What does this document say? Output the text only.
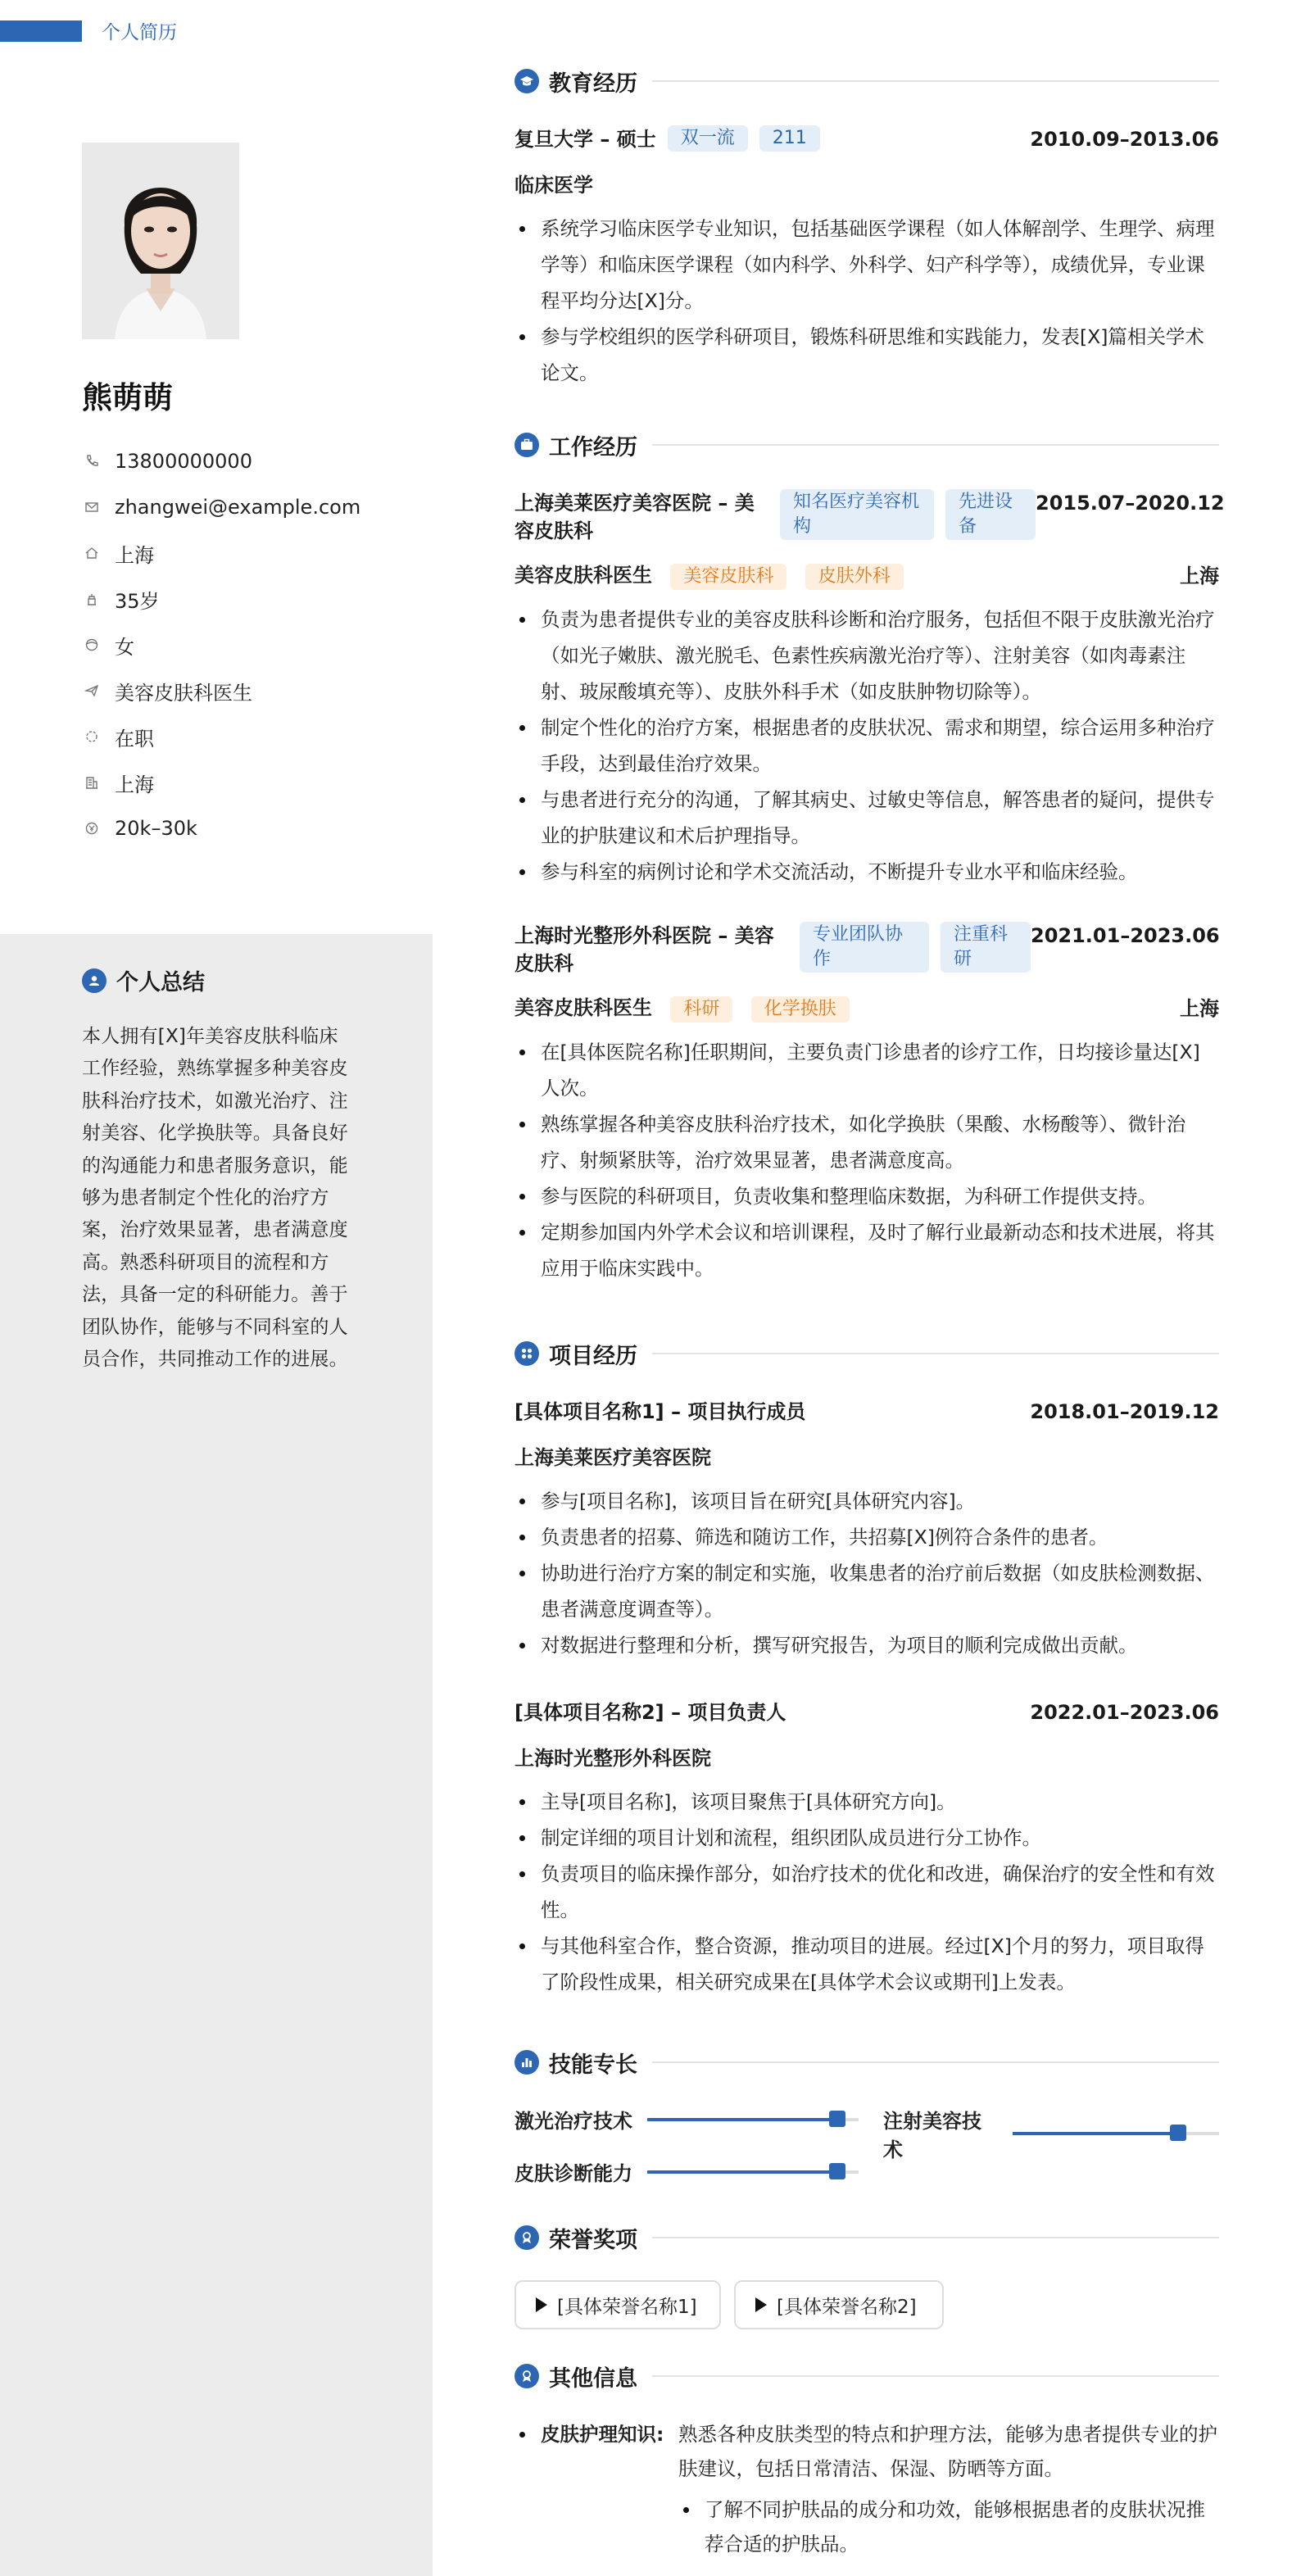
个人简历
熊萌萌
13800000000
zhangwei@example.com
上海
35岁
女
美容皮肤科医生
在职
上海
20k–30k
个人总结
本人拥有[X]年美容皮肤科临床工作经验，熟练掌握多种美容皮肤科治疗技术，如激光治疗、注射美容、化学换肤等。具备良好的沟通能力和患者服务意识，能够为患者制定个性化的治疗方案，治疗效果显著，患者满意度高。熟悉科研项目的流程和方法，具备一定的科研能力。善于团队协作，能够与不同科室的人员合作，共同推动工作的进展。
教育经历
复旦大学 – 硕士	双一流	211	2010.09–2013.06
临床医学
系统学习临床医学专业知识，包括基础医学课程（如人体解剖学、生理学、病理学等）和临床医学课程（如内科学、外科学、妇产科学等），成绩优异，专业课程平均分达[X]分。
参与学校组织的医学科研项目，锻炼科研思维和实践能力，发表[X]篇相关学术论文。
工作经历
上海美莱医疗美容医院 – 美容皮肤科
知名医疗美容机构
先进设备
2015.07–2020.12
美容皮肤科医生 美容皮肤科 皮肤外科	上海
负责为患者提供专业的美容皮肤科诊断和治疗服务，包括但不限于皮肤激光治疗（如光子嫩肤、激光脱毛、色素性疾病激光治疗等）、注射美容（如肉毒素注射、玻尿酸填充等）、皮肤外科手术（如皮肤肿物切除等）。
制定个性化的治疗方案，根据患者的皮肤状况、需求和期望，综合运用多种治疗手段，达到最佳治疗效果。
与患者进行充分的沟通，了解其病史、过敏史等信息，解答患者的疑问，提供专业的护肤建议和术后护理指导。
参与科室的病例讨论和学术交流活动，不断提升专业水平和临床经验。
上海时光整形外科医院 – 美容皮肤科
专业团队协作
注重科研
2021.01–2023.06
美容皮肤科医生 科研 化学换肤	上海
在[具体医院名称]任职期间，主要负责门诊患者的诊疗工作，日均接诊量达[X]人次。
熟练掌握各种美容皮肤科治疗技术，如化学换肤（果酸、水杨酸等）、微针治疗、射频紧肤等，治疗效果显著，患者满意度高。
参与医院的科研项目，负责收集和整理临床数据，为科研工作提供支持。
定期参加国内外学术会议和培训课程，及时了解行业最新动态和技术进展，将其应用于临床实践中。
项目经历
[具体项目名称1] – 项目执行成员	2018.01–2019.12
上海美莱医疗美容医院
参与[项目名称]，该项目旨在研究[具体研究内容]。
负责患者的招募、筛选和随访工作，共招募[X]例符合条件的患者。
协助进行治疗方案的制定和实施，收集患者的治疗前后数据（如皮肤检测数据、患者满意度调查等）。
对数据进行整理和分析，撰写研究报告，为项目的顺利完成做出贡献。
[具体项目名称2] – 项目负责人	2022.01–2023.06
上海时光整形外科医院
主导[项目名称]，该项目聚焦于[具体研究方向]。
制定详细的项目计划和流程，组织团队成员进行分工协作。
负责项目的临床操作部分，如治疗技术的优化和改进，确保治疗的安全性和有效性。
与其他科室合作，整合资源，推动项目的进展。经过[X]个月的努力，项目取得了阶段性成果，相关研究成果在[具体学术会议或期刊]上发表。
技能专长
激光治疗技术	注射美容技术
皮肤诊断能力
荣誉奖项
[具体荣誉名称1]	[具体荣誉名称2]
其他信息
皮肤护理知识: 熟悉各种皮肤类型的特点和护理方法，能够为患者提供专业的护肤建议，包括日常清洁、保湿、防晒等方面。
了解不同护肤品的成分和功效，能够根据患者的皮肤状况推荐合适的护肤品。
